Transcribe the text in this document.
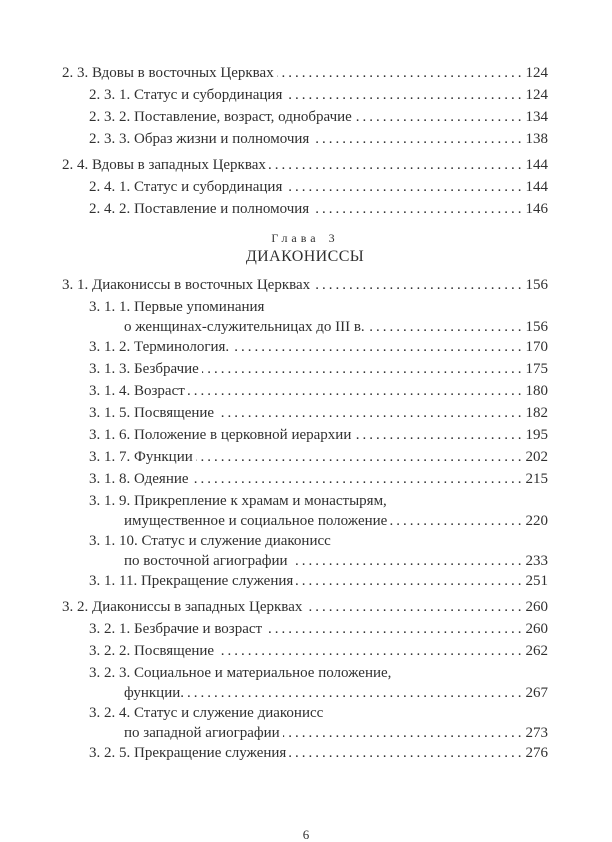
2. 3. Вдовы в восточных Церквах .....	124
2. 3. 1. Статус и субординация .....	124
2. 3. 2. Поставление, возраст, однобрачие .....	134
2. 3. 3. Образ жизни и полномочия .....	138
2. 4. Вдовы в западных Церквах .....	144
2. 4. 1. Статус и субординация .....	144
2. 4. 2. Поставление и полномочия .....	146
Глава 3
ДИАКОНИССЫ
3. 1. Диакониссы в восточных Церквах .....	156
3. 1. 1. Первые упоминания
о женщинах-служительницах до III в. .....	156
3. 1. 2. Терминология. .....	170
3. 1. 3. Безбрачие .....	175
3. 1. 4. Возраст .....	180
3. 1. 5. Посвящение .....	182
3. 1. 6. Положение в церковной иерархии .....	195
3. 1. 7. Функции .....	202
3. 1. 8. Одеяние .....	215
3. 1. 9. Прикрепление к храмам и монастырям,
имущественное и социальное положение .....	220
3. 1. 10. Статус и служение диаконисс
по восточной агиографии .....	233
3. 1. 11. Прекращение служения .....	251
3. 2. Диакониссы в западных Церквах .....	260
3. 2. 1. Безбрачие и возраст .....	260
3. 2. 2. Посвящение .....	262
3. 2. 3. Социальное и материальное положение,
функции. .....	267
3. 2. 4. Статус и служение диаконисс
по западной агиографии .....	273
3. 2. 5. Прекращение служения .....	276
6
